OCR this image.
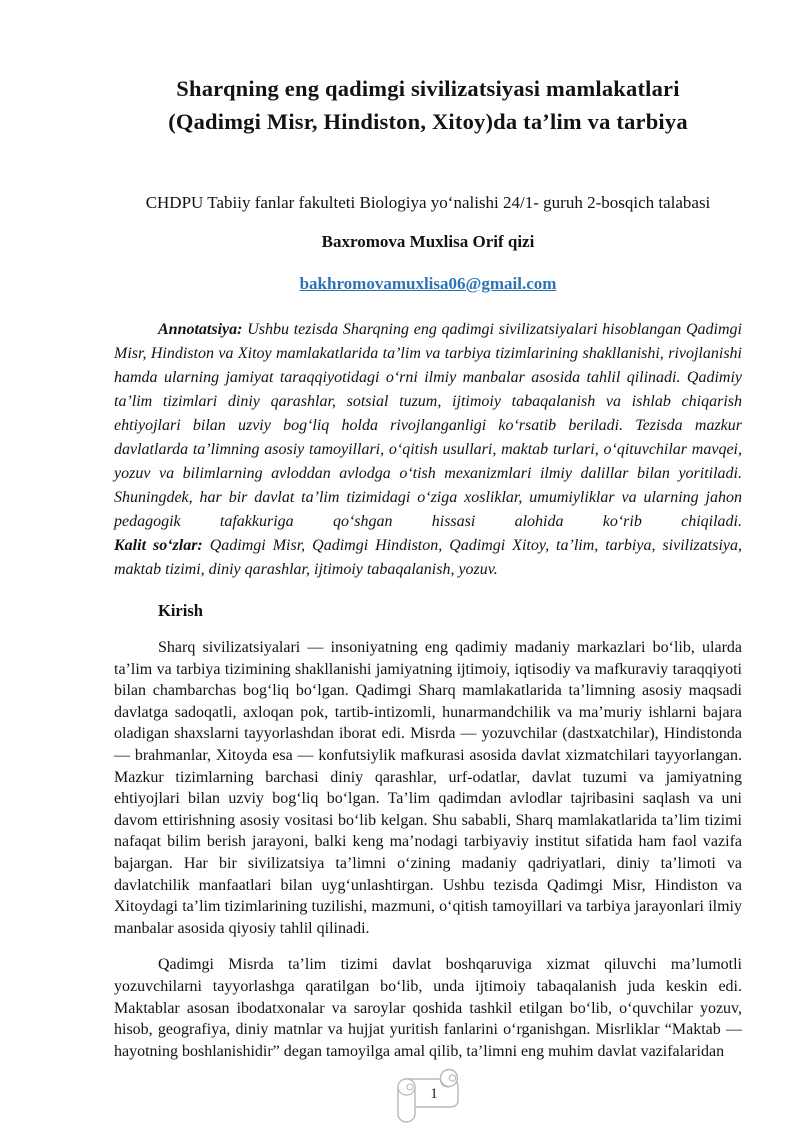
Sharqning eng qadimgi sivilizatsiyasi mamlakatlari
(Qadimgi Misr, Hindiston, Xitoy)da ta’lim va tarbiya
CHDPU Tabiiy fanlar fakulteti Biologiya yo‘nalishi 24/1- guruh 2-bosqich talabasi
Baxromova Muxlisa Orif qizi
bakhromovamuxlisa06@gmail.com

Annotatsiya: Ushbu tezisda Sharqning eng qadimgi sivilizatsiyalari hisoblangan Qadimgi Misr, Hindiston va Xitoy mamlakatlarida ta’lim va tarbiya tizimlarining shakllanishi, rivojlanishi hamda ularning jamiyat taraqqiyotidagi o‘rni ilmiy manbalar asosida tahlil qilinadi. Qadimiy ta’lim tizimlari diniy qarashlar, sotsial tuzum, ijtimoiy tabaqalanish va ishlab chiqarish ehtiyojlari bilan uzviy bog‘liq holda rivojlanganligi ko‘rsatib beriladi. Tezisda mazkur davlatlarda ta’limning asosiy tamoyillari, o‘qitish usullari, maktab turlari, o‘qituvchilar mavqei, yozuv va bilimlarning avloddan avlodga o‘tish mexanizmlari ilmiy dalillar bilan yoritiladi. Shuningdek, har bir davlat ta’lim tizimidagi o‘ziga xosliklar, umumiyliklar va ularning jahon pedagogik tafakkuriga qo‘shgan hissasi alohida ko‘rib chiqiladi.

Kalit so‘zlar: Qadimgi Misr, Qadimgi Hindiston, Qadimgi Xitoy, ta’lim, tarbiya, sivilizatsiya, maktab tizimi, diniy qarashlar, ijtimoiy tabaqalanish, yozuv.

Kirish

Sharq sivilizatsiyalari — insoniyatning eng qadimiy madaniy markazlari bo‘lib, ularda ta’lim va tarbiya tizimining shakllanishi jamiyatning ijtimoiy, iqtisodiy va mafkuraviy taraqqiyoti bilan chambarchas bog‘liq bo‘lgan. Qadimgi Sharq mamlakatlarida ta’limning asosiy maqsadi davlatga sadoqatli, axloqan pok, tartib-intizomli, hunarmandchilik va ma’muriy ishlarni bajara oladigan shaxslarni tayyorlashdan iborat edi. Misrda — yozuvchilar (dastxatchilar), Hindistonda — brahmanlar, Xitoyda esa — konfutsiylik mafkurasi asosida davlat xizmatchilari tayyorlangan. Mazkur tizimlarning barchasi diniy qarashlar, urf-odatlar, davlat tuzumi va jamiyatning ehtiyojlari bilan uzviy bog‘liq bo‘lgan. Ta’lim qadimdan avlodlar tajribasini saqlash va uni davom ettirishning asosiy vositasi bo‘lib kelgan. Shu sababli, Sharq mamlakatlarida ta’lim tizimi nafaqat bilim berish jarayoni, balki keng ma’nodagi tarbiyaviy institut sifatida ham faol vazifa bajargan. Har bir sivilizatsiya ta’limni o‘zining madaniy qadriyatlari, diniy ta’limoti va davlatchilik manfaatlari bilan uyg‘unlashtirgan. Ushbu tezisda Qadimgi Misr, Hindiston va Xitoydagi ta’lim tizimlarining tuzilishi, mazmuni, o‘qitish tamoyillari va tarbiya jarayonlari ilmiy manbalar asosida qiyosiy tahlil qilinadi.

Qadimgi Misrda ta’lim tizimi davlat boshqaruviga xizmat qiluvchi ma’lumotli yozuvchilarni tayyorlashga qaratilgan bo‘lib, unda ijtimoiy tabaqalanish juda keskin edi. Maktablar asosan ibodatxonalar va saroylar qoshida tashkil etilgan bo‘lib, o‘quvchilar yozuv, hisob, geografiya, diniy matnlar va hujjat yuritish fanlarini o‘rganishgan. Misrliklar “Maktab — hayotning boshlanishidir” degan tamoyilga amal qilib, ta’limni eng muhim davlat vazifalaridan

1
